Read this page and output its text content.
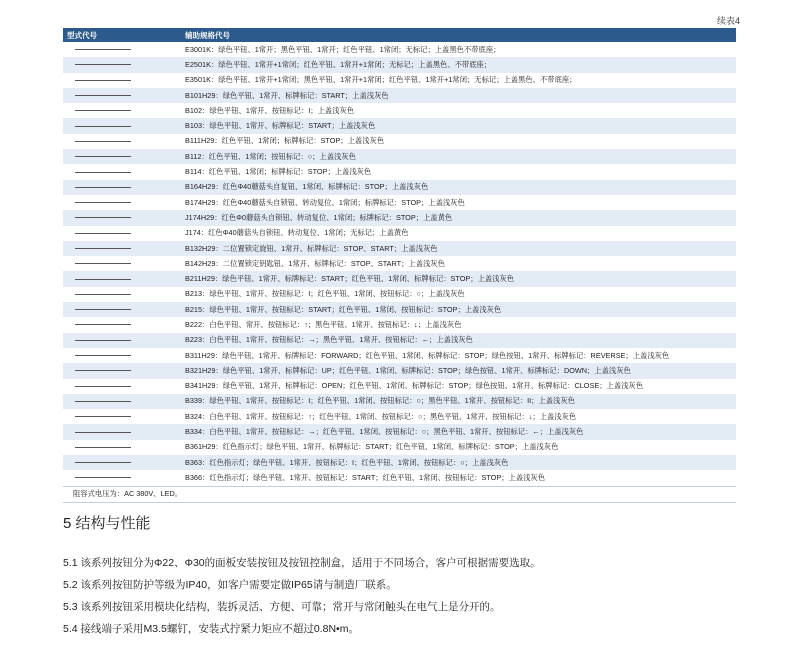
续表4
型式代号	辅助规格代号
E3001K：绿色平钮、1常开；黑色平钮、1常开；红色平钮、1常闭；无标记；上盖黑色不带底座；
E2501K：绿色平钮、1常开+1常闭；红色平钮、1常开+1常闭；无标记；上盖黑色、不带底座；
E3501K：绿色平钮、1常开+1常闭；黑色平钮、1常开+1常闭；红色平钮、1常开+1常闭；无标记；上盖黑色、不带底座；
B101H29：绿色平钮、1常开、标牌标记：START；上盖浅灰色
B102：绿色平钮、1常开、按钮标记：I；上盖浅灰色
B103：绿色平钮、1常开、标牌标记：START；上盖浅灰色
B111H29：红色平钮、1常闭；标牌标记：STOP；上盖浅灰色
B112：红色平钮、1常闭；按钮标记：○；上盖浅灰色
B114：红色平钮、1常闭；标牌标记：STOP；上盖浅灰色
B164H29：红色Φ40蘑菇头自复钮、1常闭、标牌标记：STOP；上盖浅灰色
B174H29：红色Φ40蘑菇头自锁钮、转动复位、1常闭；标牌标记：STOP；上盖浅灰色
J174H29：红色Φ0蘑菇头自锁钮、转动复位、1常闭；标牌标记：STOP；上盖黄色
J174：红色Φ40蘑菇头自锁钮、转动复位、1常闭；无标记；上盖黄色
B132H29：二位置锁定旋钮、1常开、标牌标记：STOP、START；上盖浅灰色
B142H29：二位置锁定钥匙钮、1常开、标牌标记：STOP、START；上盖浅灰色
B211H29：绿色平钮、1常开、标牌标记：START；红色平钮、1常闭、标牌标记：STOP；上盖浅灰色
B213：绿色平钮、1常开、按钮标记：I；红色平钮、1常闭、按钮标记：○；上盖浅灰色
B215：绿色平钮、1常开、按钮标记：START；红色平钮、1常闭、按钮标记：STOP；上盖浅灰色
B222：白色平钮、常开、按钮标记：↑；黑色平钮、1常开、按钮标记：↓；上盖浅灰色
B223：白色平钮、1常开、按钮标记：→；黑色平钮、1常开、按钮标记：←；上盖浅灰色
B311H29：绿色平钮、1常开、标牌标记：FORWARD；红色平钮、1常闭、标牌标记：STOP；绿色按钮、1常开、标牌标记：REVERSE；上盖浅灰色
B321H29：绿色平钮、1常开、标牌标记：UP；红色平钮、1常闭、标牌标记：STOP；绿色按钮、1常开、标牌标记：DOWN；上盖浅灰色
B341H29：绿色平钮、1常开、标牌标记：OPEN；红色平钮、1常闭、标牌标记：STOP；绿色按钮、1常开、标牌标记：CLOSE；上盖浅灰色
B339：绿色平钮、1常开、按钮标记：I；红色平钮、1常闭、按钮标记：○；黑色平钮、1常开、按钮标记：II；上盖浅灰色
B324：白色平钮、1常开、按钮标记：↑；红色平钮、1常闭、按钮标记：○；黑色平钮、1常开、按钮标记：↓；上盖浅灰色
B334：白色平钮、1常开、按钮标记：→；红色平钮、1常闭、按钮标记：○；黑色平钮、1常开、按钮标记：←；上盖浅灰色
B361H29：红色指示灯；绿色平钮、1常开、标牌标记：START；红色平钮、1常闭、标牌标记：STOP；上盖浅灰色
B363：红色指示灯；绿色平钮、1常开、按钮标记：I；红色平钮、1常闭、按钮标记：○；上盖浅灰色
B366：红色指示灯；绿色平钮、1常开、按钮标记：START；红色平钮、1常闭、按钮标记：STOP；上盖浅灰色
阻容式电压为：AC 380V、LED。
5 结构与性能
5.1 该系列按钮分为Φ22、Φ30的面板安装按钮及按钮控制盒，适用于不同场合，客户可根据需要选取。
5.2 该系列按钮防护等级为IP40，如客户需要定做IP65请与制造厂联系。
5.3 该系列按钮采用模块化结构，装拆灵活、方便、可靠；常开与常闭触头在电气上是分开的。
5.4 接线端子采用M3.5螺钉，安装式拧紧力矩应不超过0.8N•m。
